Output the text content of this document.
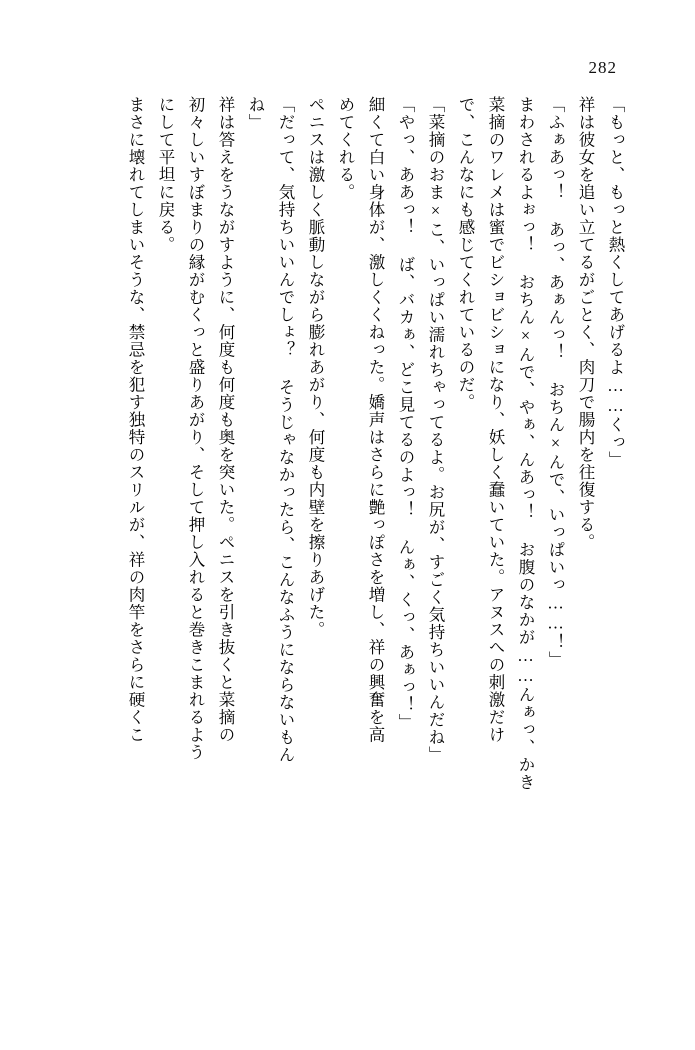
282
「もっと、もっと熱くしてあげるよ……くっ」
祥は彼女を追い立てるがごとく、肉刀で腸内を往復する。
「ふぁあっ！ あっ、あぁんっ！ おちん×んで、いっぱいっ……！」
まわされるよぉっ！ おちん×んで、やぁ、んあっ！ お腹のなかが……んぁっ、かき
菜摘のワレメは蜜でビショビショになり、妖しく蠢いていた。アヌスへの刺激だけ
で、こんなにも感じてくれているのだ。
「菜摘のおま×こ、いっぱい濡れちゃってるよ。お尻が、すごく気持ちいいんだね」
「やっ、ああっ！ ば、バカぁ、どこ見てるのよっ！ んぁ、くっ、あぁっ！」
細くて白い身体が、激しくくねった。嬌声はさらに艶っぽさを増し、祥の興奮を高
めてくれる。
ペニスは激しく脈動しながら膨れあがり、何度も内壁を擦りあげた。
「だって、気持ちいいんでしょ？ そうじゃなかったら、こんなふうにならないもん
ね」
祥は答えをうながすように、何度も何度も奥を突いた。ペニスを引き抜くと菜摘の
初々しいすぼまりの縁がむくっと盛りあがり、そして押し入れると巻きこまれるよう
にして平坦に戻る。
まさに壊れてしまいそうな、禁忌を犯す独特のスリルが、祥の肉竿をさらに硬くこ
